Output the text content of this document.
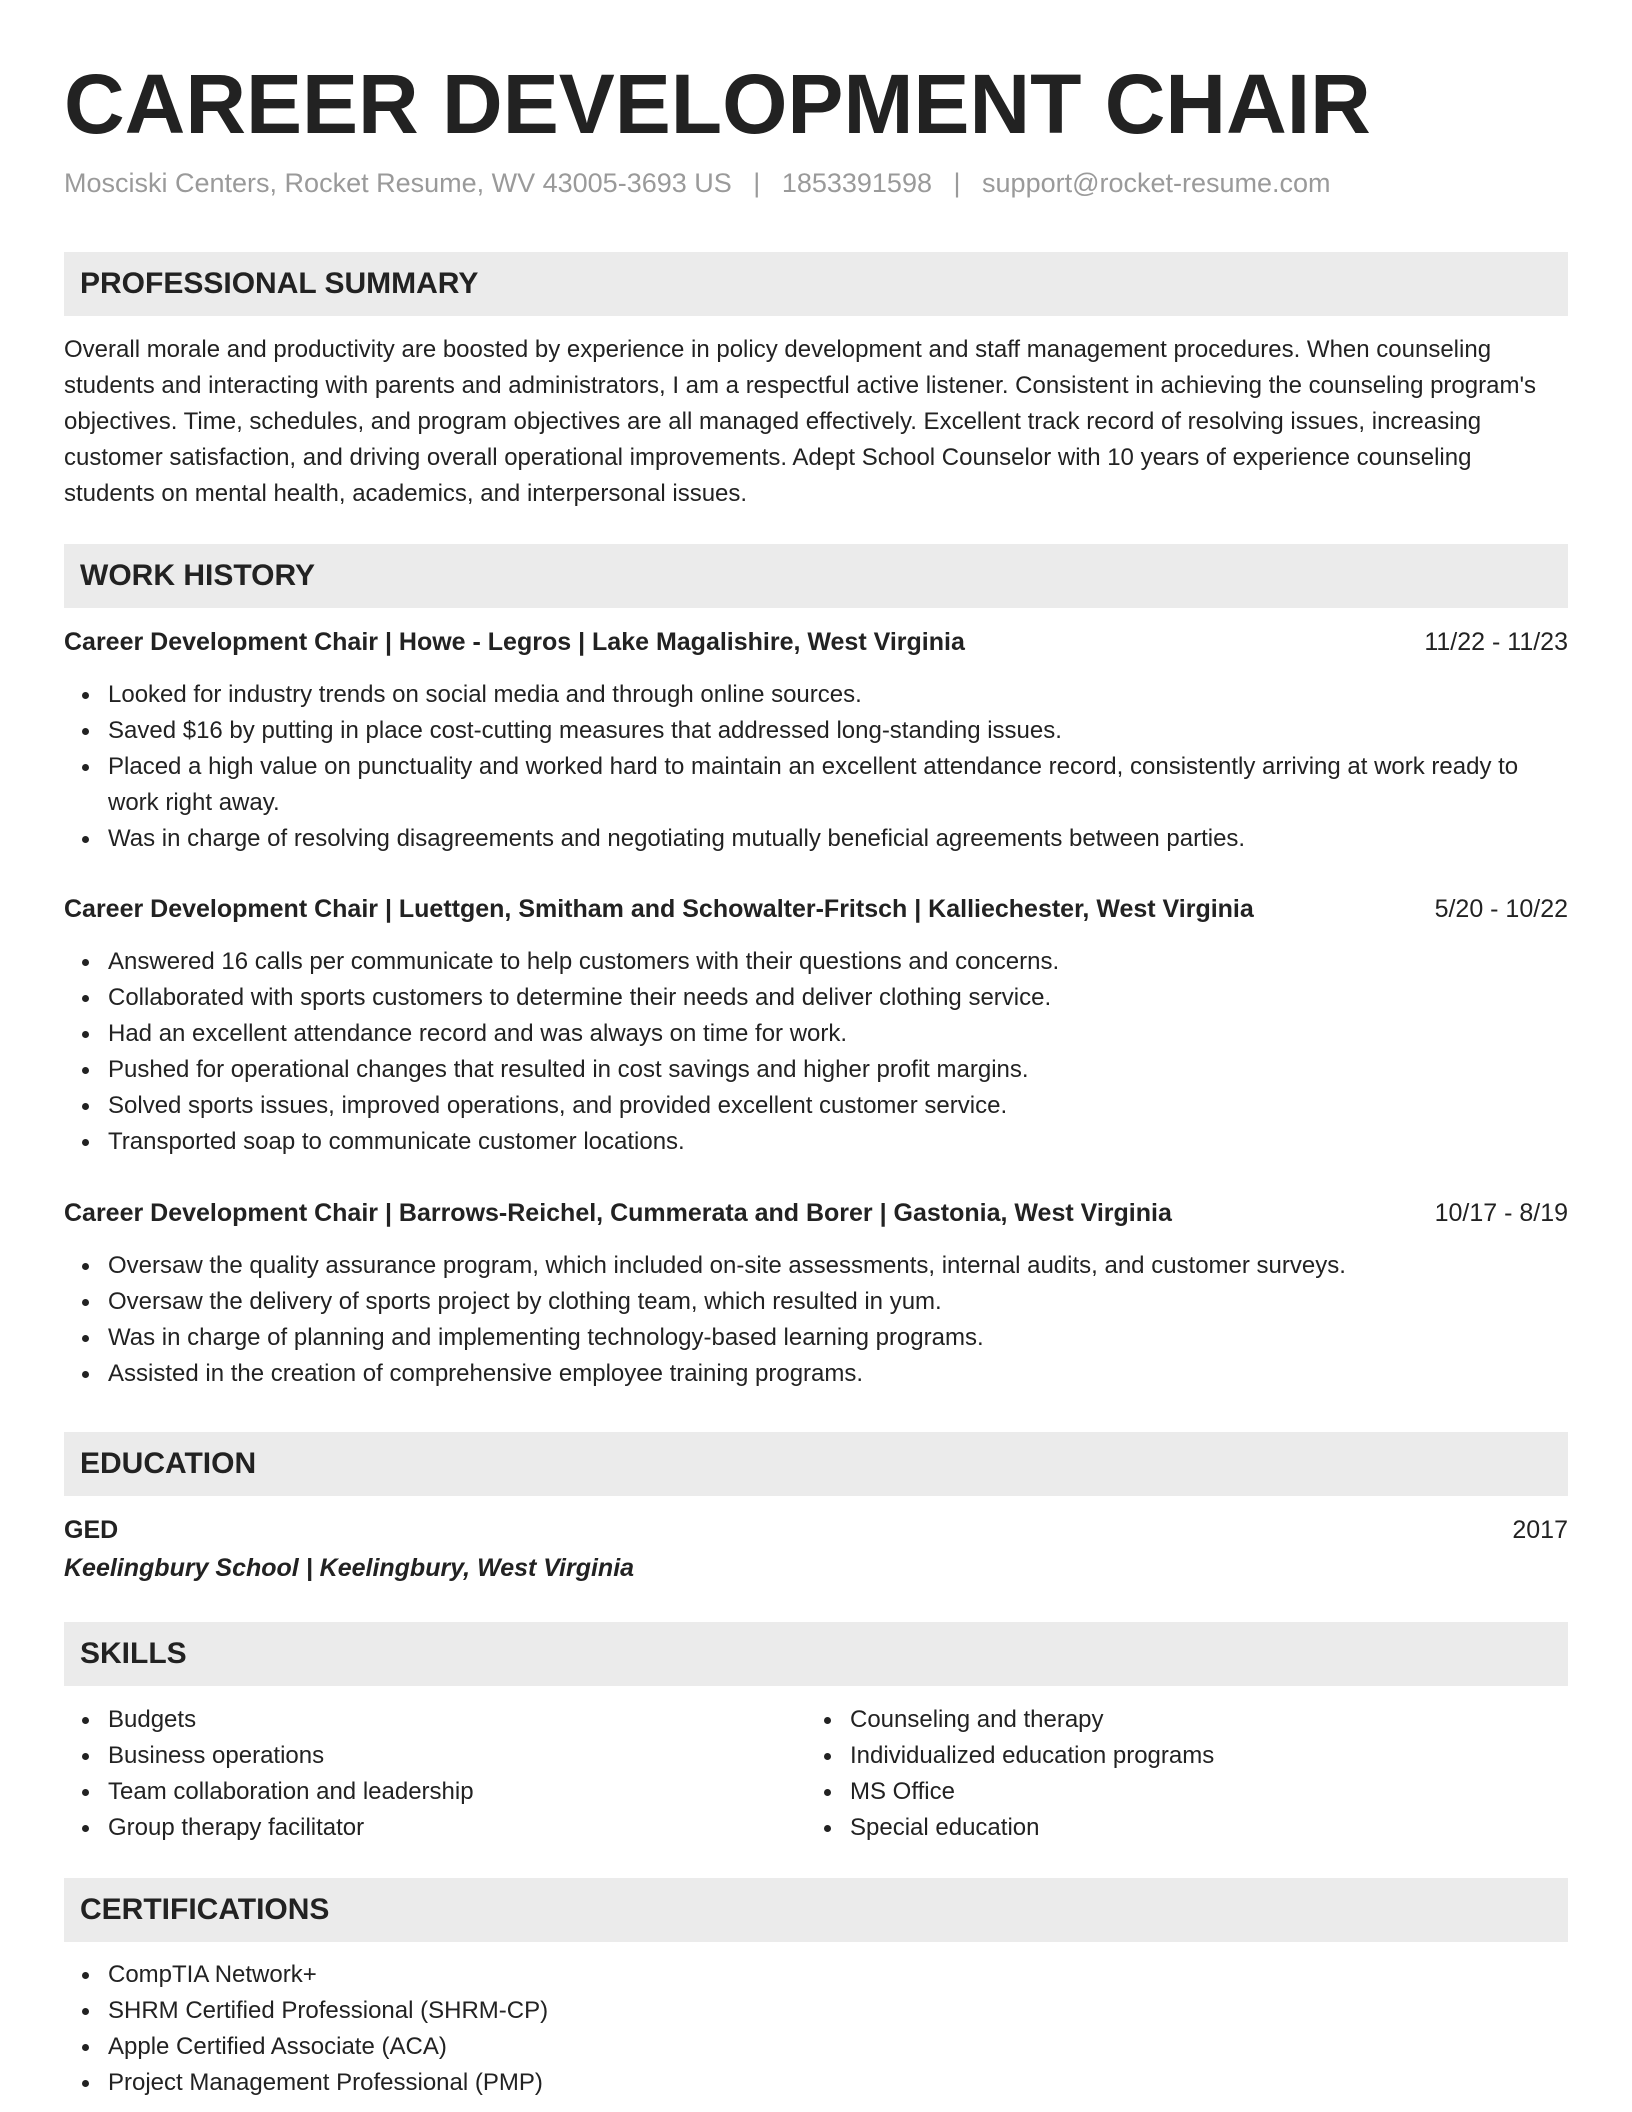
CAREER DEVELOPMENT CHAIR
Mosciski Centers, Rocket Resume, WV 43005-3693 US | 1853391598 | support@rocket-resume.com
PROFESSIONAL SUMMARY

Overall morale and productivity are boosted by experience in policy development and staff management procedures. When counseling students and interacting with parents and administrators, I am a respectful active listener. Consistent in achieving the counseling program's objectives. Time, schedules, and program objectives are all managed effectively. Excellent track record of resolving issues, increasing customer satisfaction, and driving overall operational improvements. Adept School Counselor with 10 years of experience counseling students on mental health, academics, and interpersonal issues.

WORK HISTORY
Career Development Chair | Howe - Legros | Lake Magalishire, West Virginia	11/22 - 11/23
Looked for industry trends on social media and through online sources.
Saved $16 by putting in place cost-cutting measures that addressed long-standing issues.
Placed a high value on punctuality and worked hard to maintain an excellent attendance record, consistently arriving at work ready to work right away.
Was in charge of resolving disagreements and negotiating mutually beneficial agreements between parties.
Career Development Chair | Luettgen, Smitham and Schowalter-Fritsch | Kalliechester, West Virginia	5/20 - 10/22
Answered 16 calls per communicate to help customers with their questions and concerns.
Collaborated with sports customers to determine their needs and deliver clothing service.
Had an excellent attendance record and was always on time for work.
Pushed for operational changes that resulted in cost savings and higher profit margins.
Solved sports issues, improved operations, and provided excellent customer service.
Transported soap to communicate customer locations.
Career Development Chair | Barrows-Reichel, Cummerata and Borer | Gastonia, West Virginia	10/17 - 8/19
Oversaw the quality assurance program, which included on-site assessments, internal audits, and customer surveys.
Oversaw the delivery of sports project by clothing team, which resulted in yum.
Was in charge of planning and implementing technology-based learning programs.
Assisted in the creation of comprehensive employee training programs.
EDUCATION
GED	2017
Keelingbury School | Keelingbury, West Virginia
SKILLS
Budgets
Business operations
Team collaboration and leadership
Group therapy facilitator
Counseling and therapy
Individualized education programs
MS Office
Special education
CERTIFICATIONS
CompTIA Network+
SHRM Certified Professional (SHRM-CP)
Apple Certified Associate (ACA)
Project Management Professional (PMP)
